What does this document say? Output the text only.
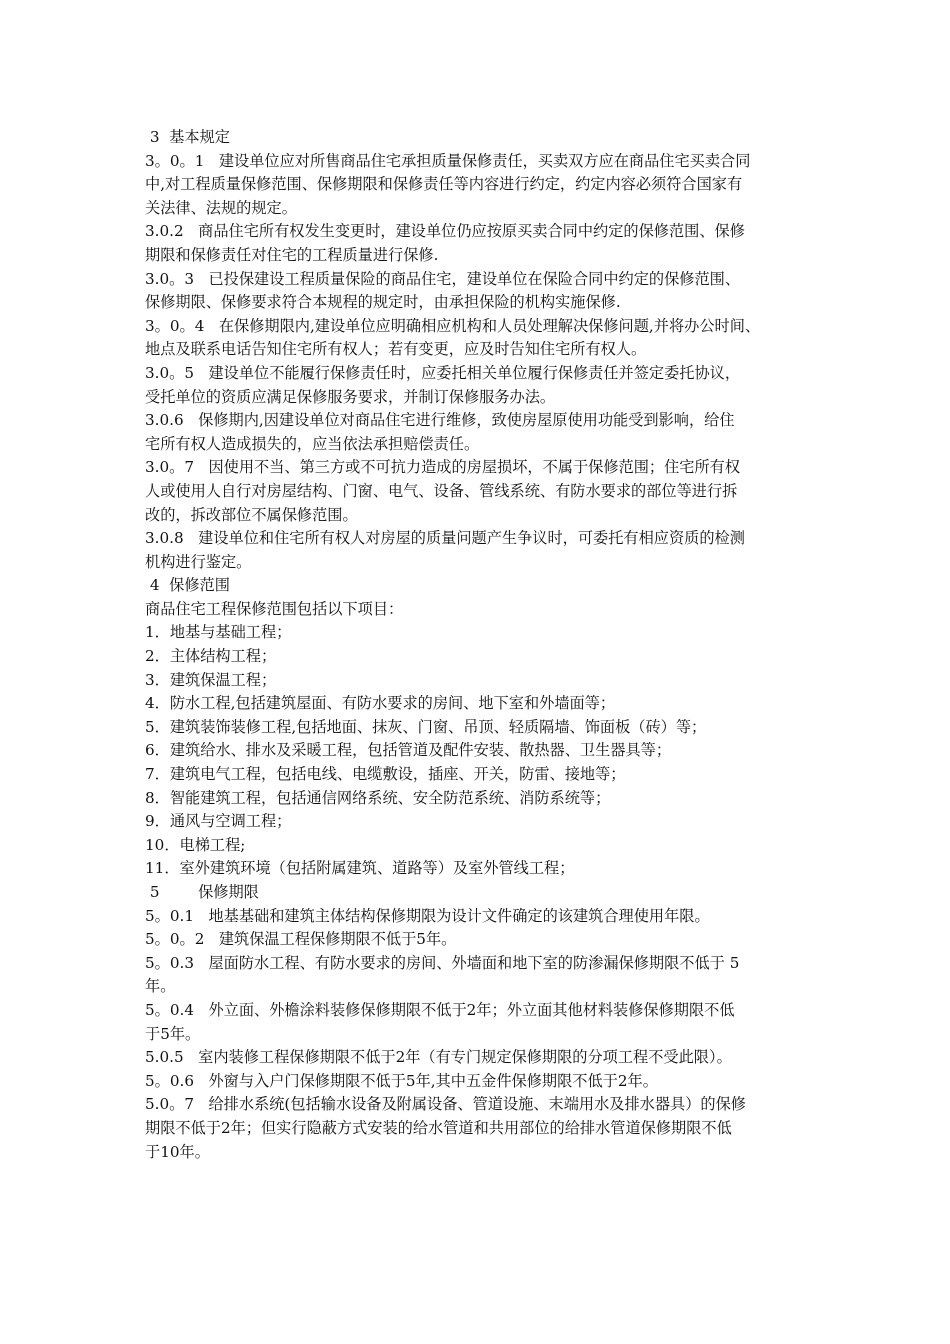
3  基本规定
3。0。1   建设单位应对所售商品住宅承担质量保修责任，买卖双方应在商品住宅买卖合同
中,对工程质量保修范围、保修期限和保修责任等内容进行约定，约定内容必须符合国家有
关法律、法规的规定。
3.0.2   商品住宅所有权发生变更时，建设单位仍应按原买卖合同中约定的保修范围、保修
期限和保修责任对住宅的工程质量进行保修.
3.0。3   已投保建设工程质量保险的商品住宅，建设单位在保险合同中约定的保修范围、
保修期限、保修要求符合本规程的规定时，由承担保险的机构实施保修.
3。0。4   在保修期限内,建设单位应明确相应机构和人员处理解决保修问题,并将办公时间、
地点及联系电话告知住宅所有权人；若有变更，应及时告知住宅所有权人。
3.0。5   建设单位不能履行保修责任时，应委托相关单位履行保修责任并签定委托协议，
受托单位的资质应满足保修服务要求，并制订保修服务办法。
3.0.6   保修期内,因建设单位对商品住宅进行维修，致使房屋原使用功能受到影响，给住
宅所有权人造成损失的，应当依法承担赔偿责任。
3.0。7   因使用不当、第三方或不可抗力造成的房屋损坏，不属于保修范围；住宅所有权
人或使用人自行对房屋结构、门窗、电气、设备、管线系统、有防水要求的部位等进行拆
改的，拆改部位不属保修范围。
3.0.8   建设单位和住宅所有权人对房屋的质量问题产生争议时，可委托有相应资质的检测
机构进行鉴定。
4  保修范围
商品住宅工程保修范围包括以下项目：
1．地基与基础工程；
2．主体结构工程；
3．建筑保温工程；
4．防水工程,包括建筑屋面、有防水要求的房间、地下室和外墙面等；
5．建筑装饰装修工程,包括地面、抹灰、门窗、吊顶、轻质隔墙、饰面板（砖）等；
6．建筑给水、排水及采暖工程，包括管道及配件安装、散热器、卫生器具等；
7．建筑电气工程，包括电线、电缆敷设，插座、开关，防雷、接地等；
8．智能建筑工程，包括通信网络系统、安全防范系统、消防系统等；
9．通风与空调工程；
10．电梯工程;
11．室外建筑环境（包括附属建筑、道路等）及室外管线工程；
5        保修期限
5。0.1   地基基础和建筑主体结构保修期限为设计文件确定的该建筑合理使用年限。
5。0。2   建筑保温工程保修期限不低于5年。
5。0.3   屋面防水工程、有防水要求的房间、外墙面和地下室的防渗漏保修期限不低于 5
年。
5。0.4   外立面、外檐涂料装修保修期限不低于2年；外立面其他材料装修保修期限不低
于5年。
5.0.5   室内装修工程保修期限不低于2年（有专门规定保修期限的分项工程不受此限）。
5。0.6   外窗与入户门保修期限不低于5年,其中五金件保修期限不低于2年。
5.0。7   给排水系统(包括输水设备及附属设备、管道设施、末端用水及排水器具）的保修
期限不低于2年；但实行隐蔽方式安装的给水管道和共用部位的给排水管道保修期限不低
于10年。
